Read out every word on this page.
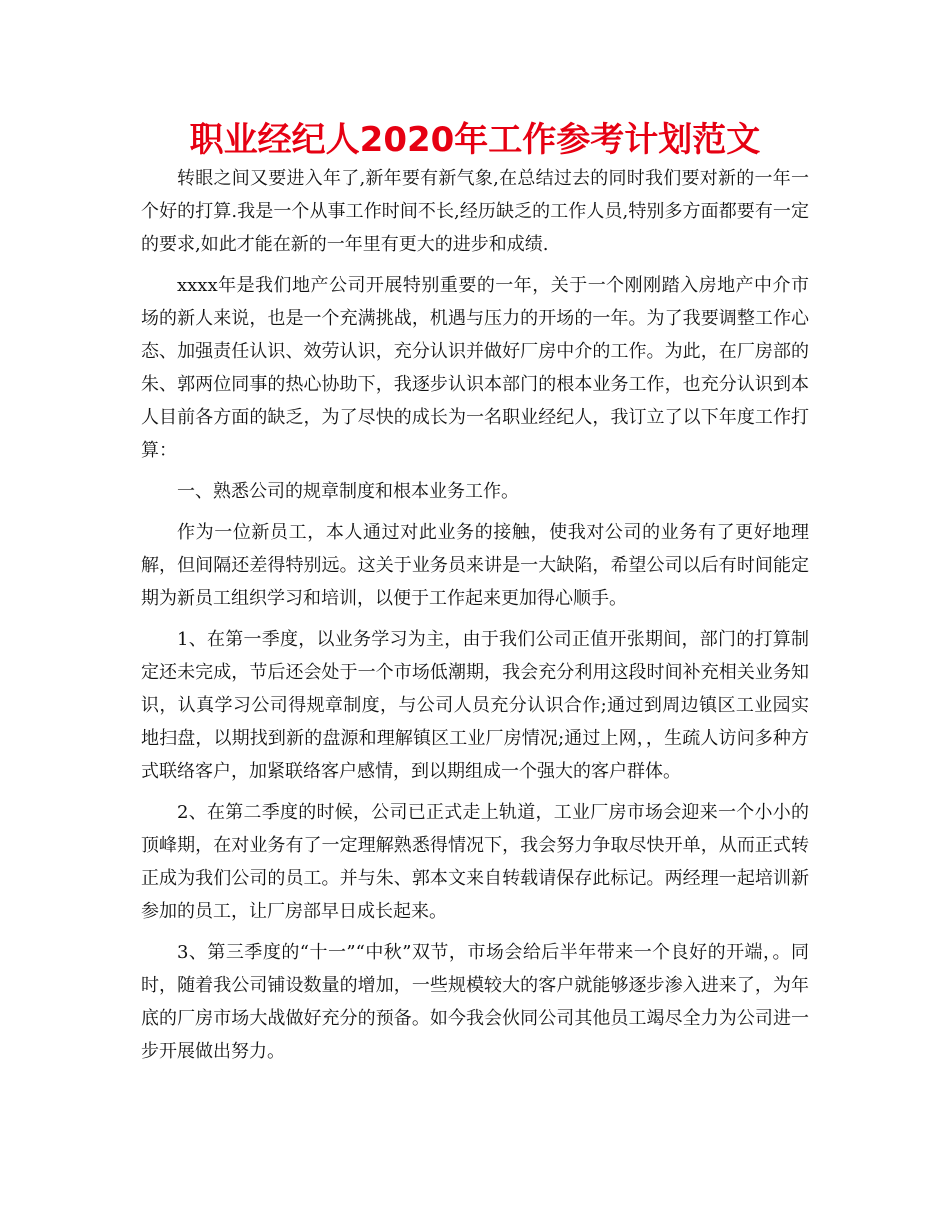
职业经纪人2020年工作参考计划范文

转眼之间又要进入年了,新年要有新气象,在总结过去的同时我们要对新的一年一个好的打算.我是一个从事工作时间不长,经历缺乏的工作人员,特别多方面都要有一定的要求,如此才能在新的一年里有更大的进步和成绩.

xxxx年是我们地产公司开展特别重要的一年，关于一个刚刚踏入房地产中介市场的新人来说，也是一个充满挑战，机遇与压力的开场的一年。为了我要调整工作心态、加强责任认识、效劳认识，充分认识并做好厂房中介的工作。为此，在厂房部的朱、郭两位同事的热心协助下，我逐步认识本部门的根本业务工作，也充分认识到本人目前各方面的缺乏，为了尽快的成长为一名职业经纪人，我订立了以下年度工作打算：

一、熟悉公司的规章制度和根本业务工作。

作为一位新员工，本人通过对此业务的接触，使我对公司的业务有了更好地理解，但间隔还差得特别远。这关于业务员来讲是一大缺陷，希望公司以后有时间能定期为新员工组织学习和培训，以便于工作起来更加得心顺手。

1、在第一季度，以业务学习为主，由于我们公司正值开张期间，部门的打算制定还未完成，节后还会处于一个市场低潮期，我会充分利用这段时间补充相关业务知识，认真学习公司得规章制度，与公司人员充分认识合作;通过到周边镇区工业园实地扫盘，以期找到新的盘源和理解镇区工业厂房情况;通过上网，，生疏人访问多种方式联络客户，加紧联络客户感情，到以期组成一个强大的客户群体。

2、在第二季度的时候，公司已正式走上轨道，工业厂房市场会迎来一个小小的顶峰期，在对业务有了一定理解熟悉得情况下，我会努力争取尽快开单，从而正式转正成为我们公司的员工。并与朱、郭本文来自转载请保存此标记。两经理一起培训新参加的员工，让厂房部早日成长起来。

3、第三季度的“十一”“中秋”双节，市场会给后半年带来一个良好的开端，。同时，随着我公司铺设数量的增加，一些规模较大的客户就能够逐步渗入进来了，为年底的厂房市场大战做好充分的预备。如今我会伙同公司其他员工竭尽全力为公司进一步开展做出努力。
